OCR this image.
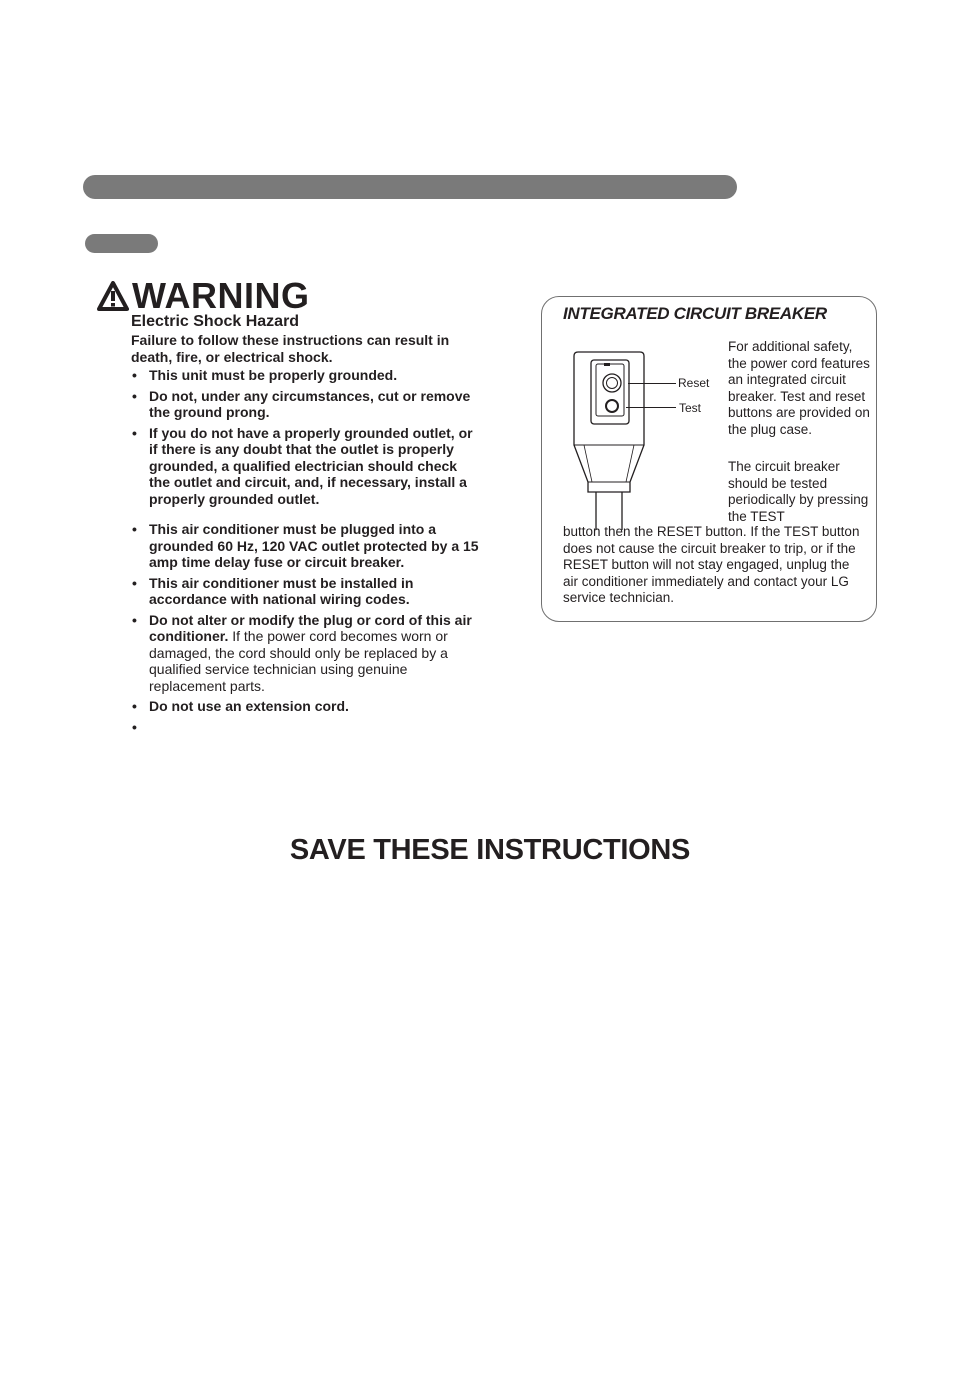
WARNING
Electric Shock Hazard
Failure to follow these instructions can result in death, fire, or electrical shock.
• This unit must be properly grounded.
• Do not, under any circumstances, cut or remove the ground prong.
• If you do not have a properly grounded outlet, or if there is any doubt that the outlet is properly grounded, a qualified electrician should check the outlet and circuit, and, if necessary, install a properly grounded outlet.
• This air conditioner must be plugged into a grounded 60 Hz, 120 VAC outlet protected by a 15 amp time delay fuse or circuit breaker.
• This air conditioner must be installed in accordance with national wiring codes.
• Do not alter or modify the plug or cord of this air conditioner. If the power cord becomes worn or damaged, the cord should only be replaced by a qualified service technician using genuine replacement parts.
• Do not use an extension cord.
•
INTEGRATED CIRCUIT BREAKER
Reset
Test
For additional safety, the power cord features an integrated circuit breaker. Test and reset buttons are provided on the plug case.
The circuit breaker should be tested periodically by pressing the TEST
button then the RESET button. If the TEST button does not cause the circuit breaker to trip, or if the RESET button will not stay engaged, unplug the air conditioner immediately and contact your LG service technician.
SAVE THESE INSTRUCTIONS
